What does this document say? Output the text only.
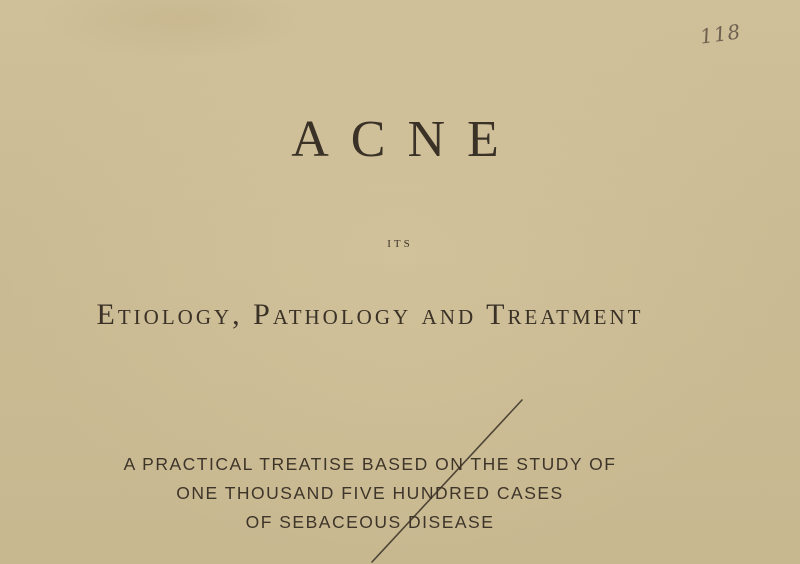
118
ACNE
ITS
Etiology, Pathology and Treatment
A PRACTICAL TREATISE BASED ON THE STUDY OF
ONE THOUSAND FIVE HUNDRED CASES
OF SEBACEOUS DISEASE
